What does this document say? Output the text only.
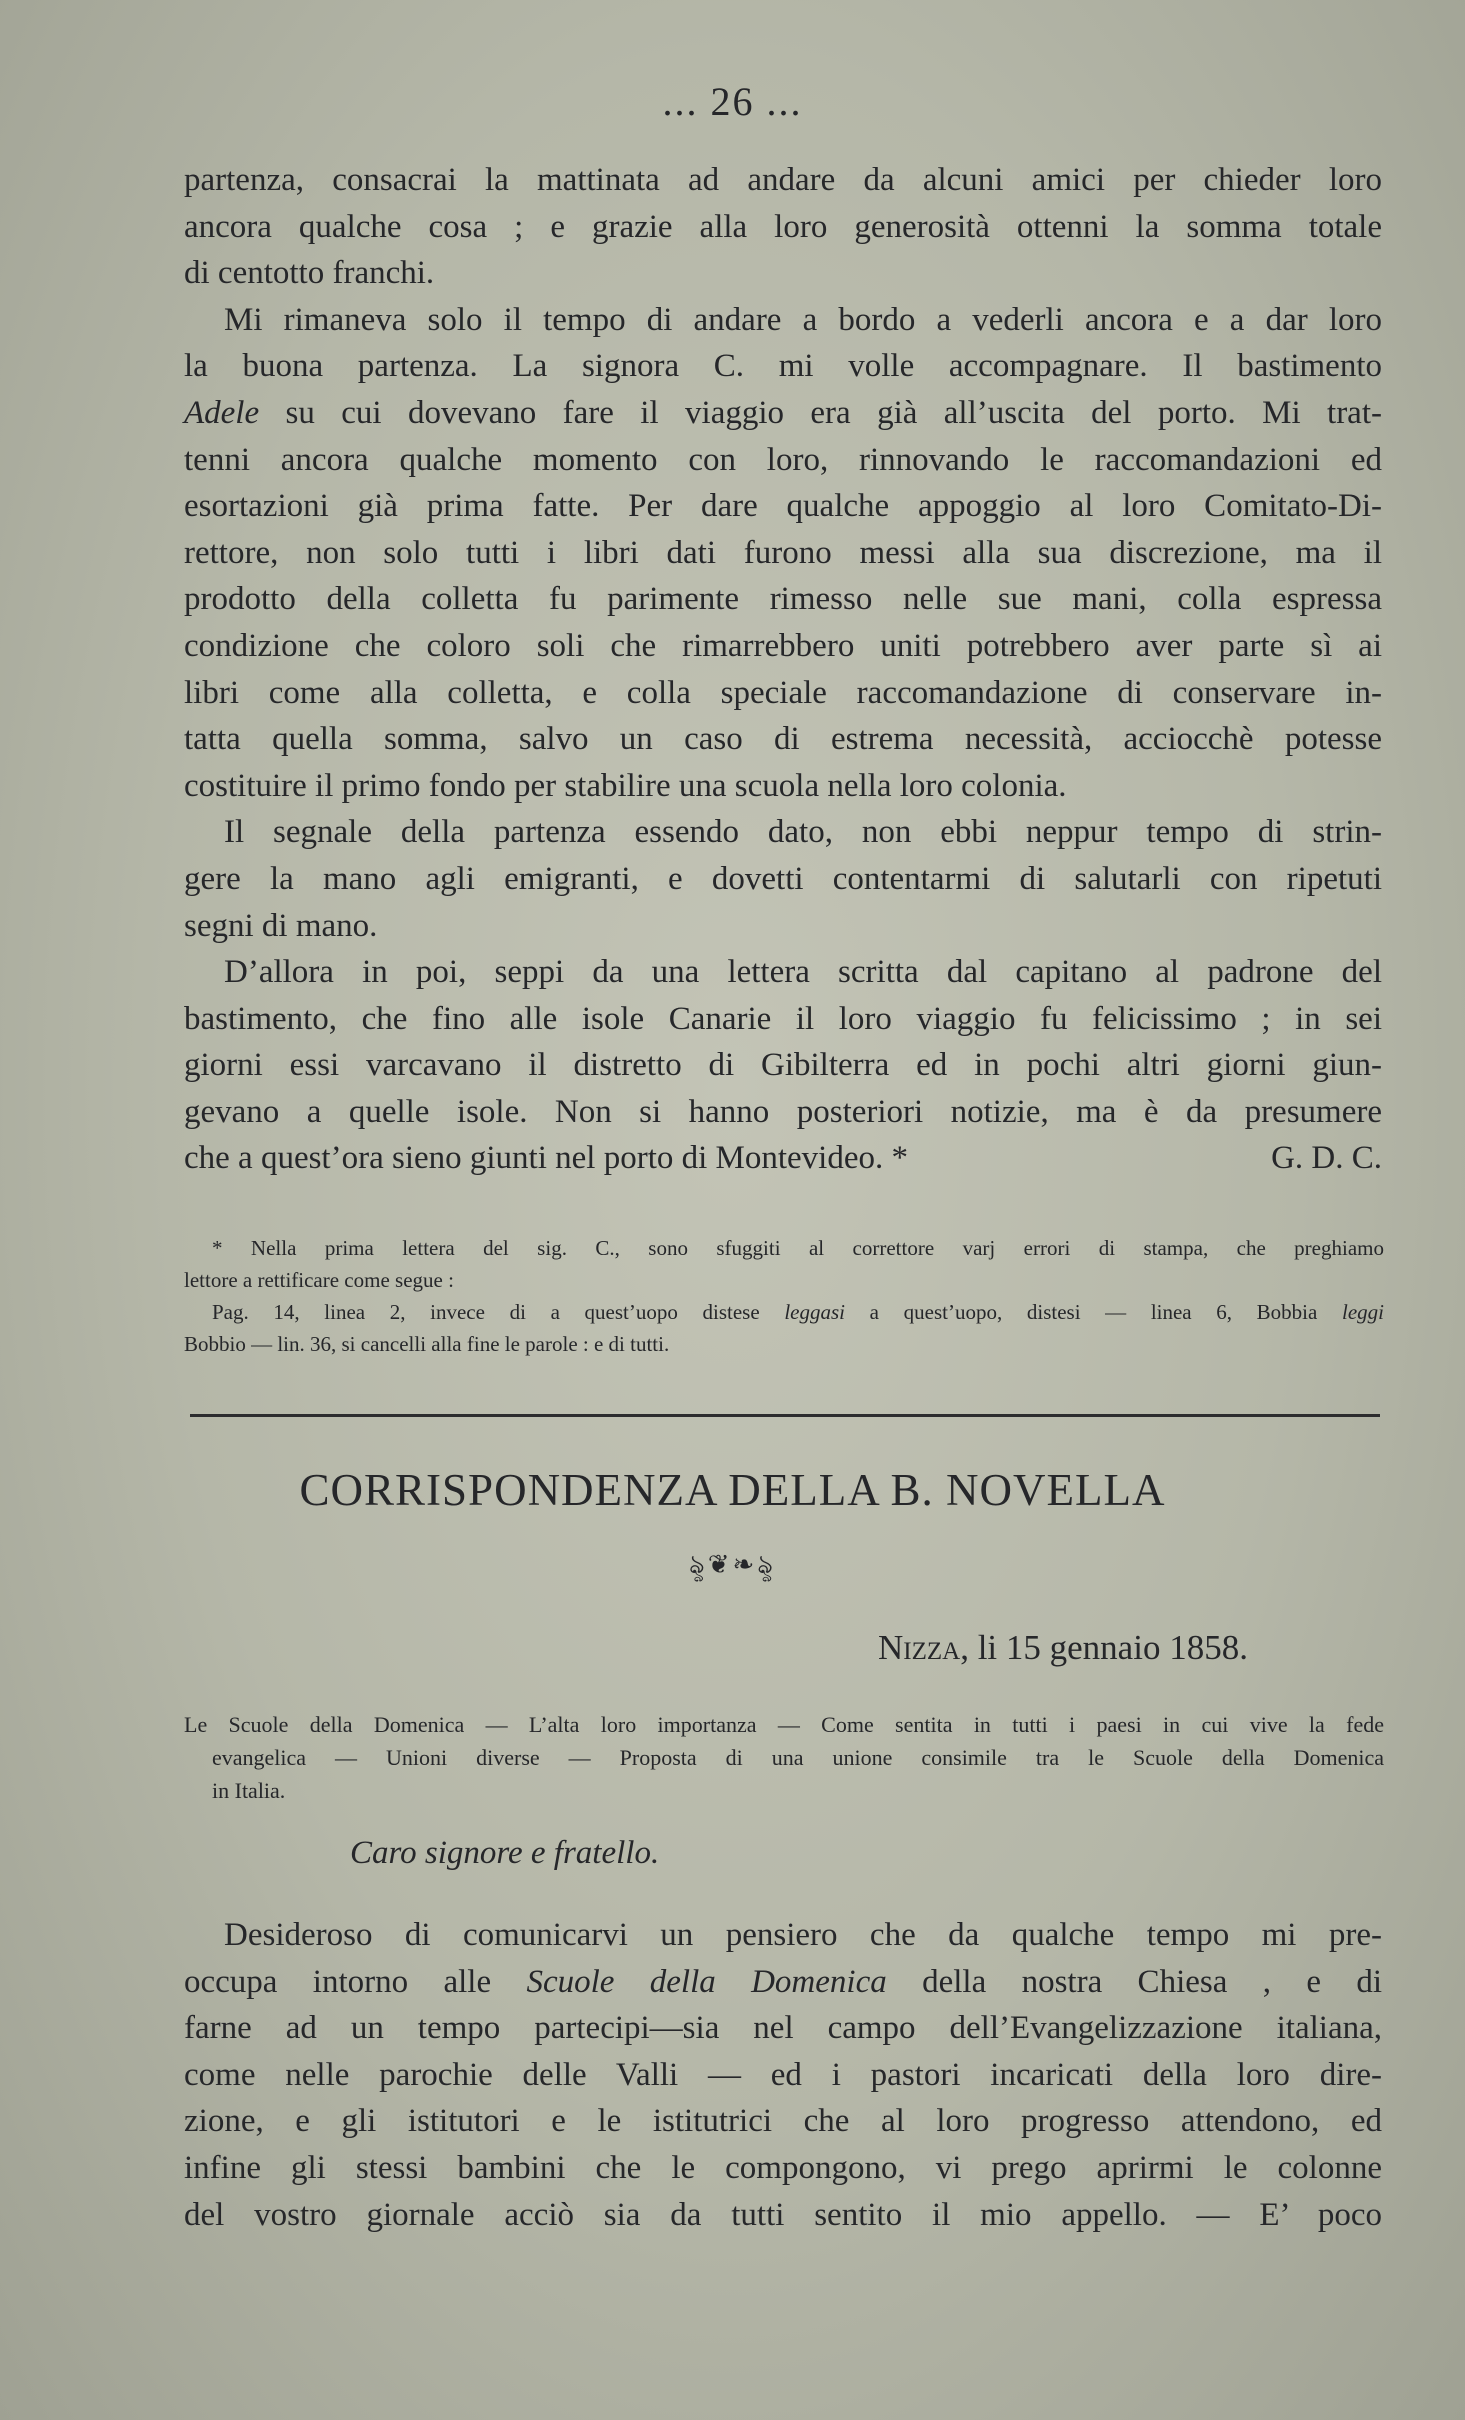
... 26 ...
partenza, consacrai la mattinata ad andare da alcuni amici per chieder loro
ancora qualche cosa ; e grazie alla loro generosità ottenni la somma totale
di centotto franchi.
Mi rimaneva solo il tempo di andare a bordo a vederli ancora e a dar loro
la buona partenza. La signora C. mi volle accompagnare. Il bastimento
Adele su cui dovevano fare il viaggio era già all’uscita del porto. Mi trat-
tenni ancora qualche momento con loro, rinnovando le raccomandazioni ed
esortazioni già prima fatte. Per dare qualche appoggio al loro Comitato-Di-
rettore, non solo tutti i libri dati furono messi alla sua discrezione, ma il
prodotto della colletta fu parimente rimesso nelle sue mani, colla espressa
condizione che coloro soli che rimarrebbero uniti potrebbero aver parte sì ai
libri come alla colletta, e colla speciale raccomandazione di conservare in-
tatta quella somma, salvo un caso di estrema necessità, acciocchè potesse
costituire il primo fondo per stabilire una scuola nella loro colonia.
Il segnale della partenza essendo dato, non ebbi neppur tempo di strin-
gere la mano agli emigranti, e dovetti contentarmi di salutarli con ripetuti
segni di mano.
D’allora in poi, seppi da una lettera scritta dal capitano al padrone del
bastimento, che fino alle isole Canarie il loro viaggio fu felicissimo ; in sei
giorni essi varcavano il distretto di Gibilterra ed in pochi altri giorni giun-
gevano a quelle isole. Non si hanno posteriori notizie, ma è da presumere
che a quest’ora sieno giunti nel porto di Montevideo. *	G. D. C.
* Nella prima lettera del sig. C., sono sfuggiti al correttore varj errori di stampa, che preghiamo
lettore a rettificare come segue :
Pag. 14, linea 2, invece di a quest’uopo distese leggasi a quest’uopo, distesi — linea 6, Bobbia leggi
Bobbio — lin. 36, si cancelli alla fine le parole : e di tutti.
CORRISPONDENZA DELLA B. NOVELLA
ৡ❦❧ৡ
Nizza, li 15 gennaio 1858.
Le Scuole della Domenica — L’alta loro importanza — Come sentita in tutti i paesi in cui vive la fede
evangelica — Unioni diverse — Proposta di una unione consimile tra le Scuole della Domenica
in Italia.
Caro signore e fratello.
Desideroso di comunicarvi un pensiero che da qualche tempo mi pre-
occupa intorno alle Scuole della Domenica della nostra Chiesa , e di
farne ad un tempo partecipi—sia nel campo dell’Evangelizzazione italiana,
come nelle parochie delle Valli — ed i pastori incaricati della loro dire-
zione, e gli istitutori e le istitutrici che al loro progresso attendono, ed
infine gli stessi bambini che le compongono, vi prego aprirmi le colonne
del vostro giornale acciò sia da tutti sentito il mio appello. — E’ poco
